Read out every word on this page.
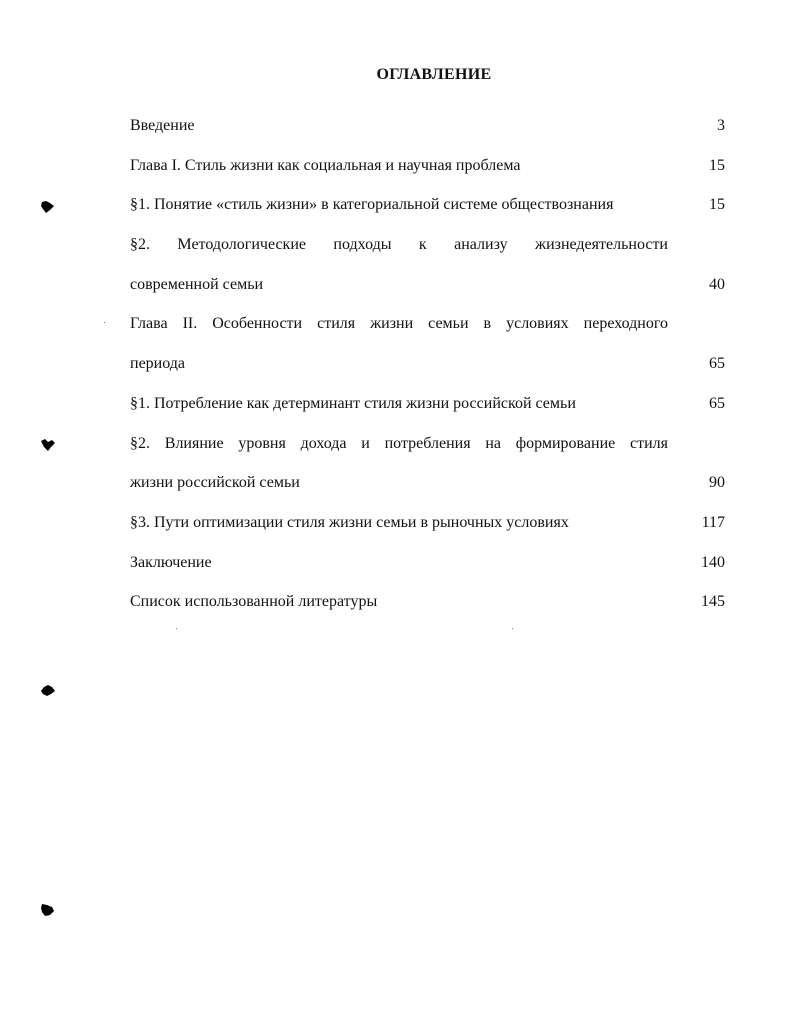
ОГЛАВЛЕНИЕ
Введение	3
Глава I. Стиль жизни как социальная и научная проблема	15
§1. Понятие «стиль жизни» в категориальной системе обществознания	15
§2. Методологические подходы к анализу жизнедеятельности
современной семьи	40
Глава II. Особенности стиля жизни семьи в условиях переходного
периода	65
§1. Потребление как детерминант стиля жизни российской семьи	65
§2. Влияние уровня дохода и потребления на формирование стиля
жизни российской семьи	90
§3. Пути оптимизации стиля жизни семьи в рыночных условиях	117
Заключение	140
Список использованной литературы	145
